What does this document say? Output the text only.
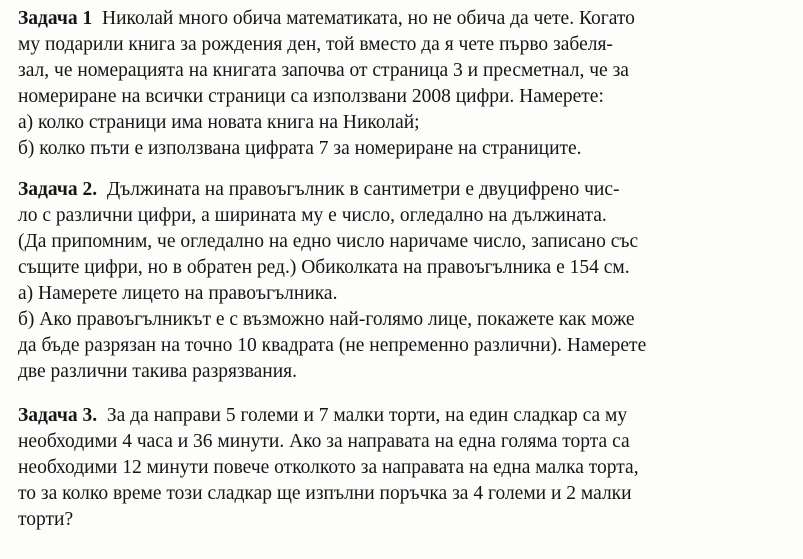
Задача 1 Николай много обича математиката, но не обича да чете. Когато
му подарили книга за рождения ден, той вместо да я чете първо забеля-
зал, че номерацията на книгата започва от страница 3 и пресметнал, че за
номериране на всички страници са използвани 2008 цифри. Намерете:
а) колко страници има новата книга на Николай;
б) колко пъти е използвана цифрата 7 за номериране на страниците.
Задача 2. Дължината на правоъгълник в сантиметри е двуцифрено чис-
ло с различни цифри, а ширината му е число, огледално на дължината.
(Да припомним, че огледално на едно число наричаме число, записано със
същите цифри, но в обратен ред.) Обиколката на правоъгълника е 154 см.
а) Намерете лицето на правоъгълника.
б) Ако правоъгълникът е с възможно най-голямо лице, покажете как може
да бъде разрязан на точно 10 квадрата (не непременно различни). Намерете
две различни такива разрязвания.
Задача 3. За да направи 5 големи и 7 малки торти, на един сладкар са му
необходими 4 часа и 36 минути. Ако за направата на една голяма торта са
необходими 12 минути повече отколкото за направата на една малка торта,
то за колко време този сладкар ще изпълни поръчка за 4 големи и 2 малки
торти?
